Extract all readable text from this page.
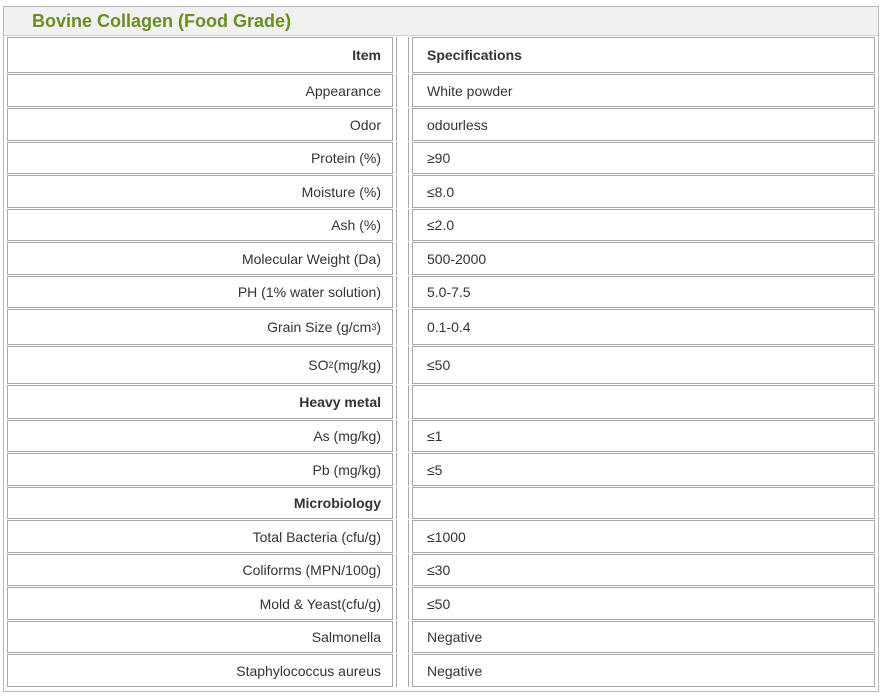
Bovine Collagen (Food Grade)
Item	Specifications
Appearance	White powder
Odor	odourless
Protein (%)	≥90
Moisture (%)	≤8.0
Ash (%)	≤2.0
Molecular Weight (Da)	500-2000
PH (1% water solution)	5.0-7.5
Grain Size (g/cm 3 )	0.1-0.4
SO 2 (mg/kg)	≤50
Heavy metal
As (mg/kg)	≤1
Pb (mg/kg)	≤5
Microbiology
Total Bacteria (cfu/g)	≤1000
Coliforms (MPN/100g)	≤30
Mold & Yeast(cfu/g)	≤50
Salmonella	Negative
Staphylococcus aureus	Negative
